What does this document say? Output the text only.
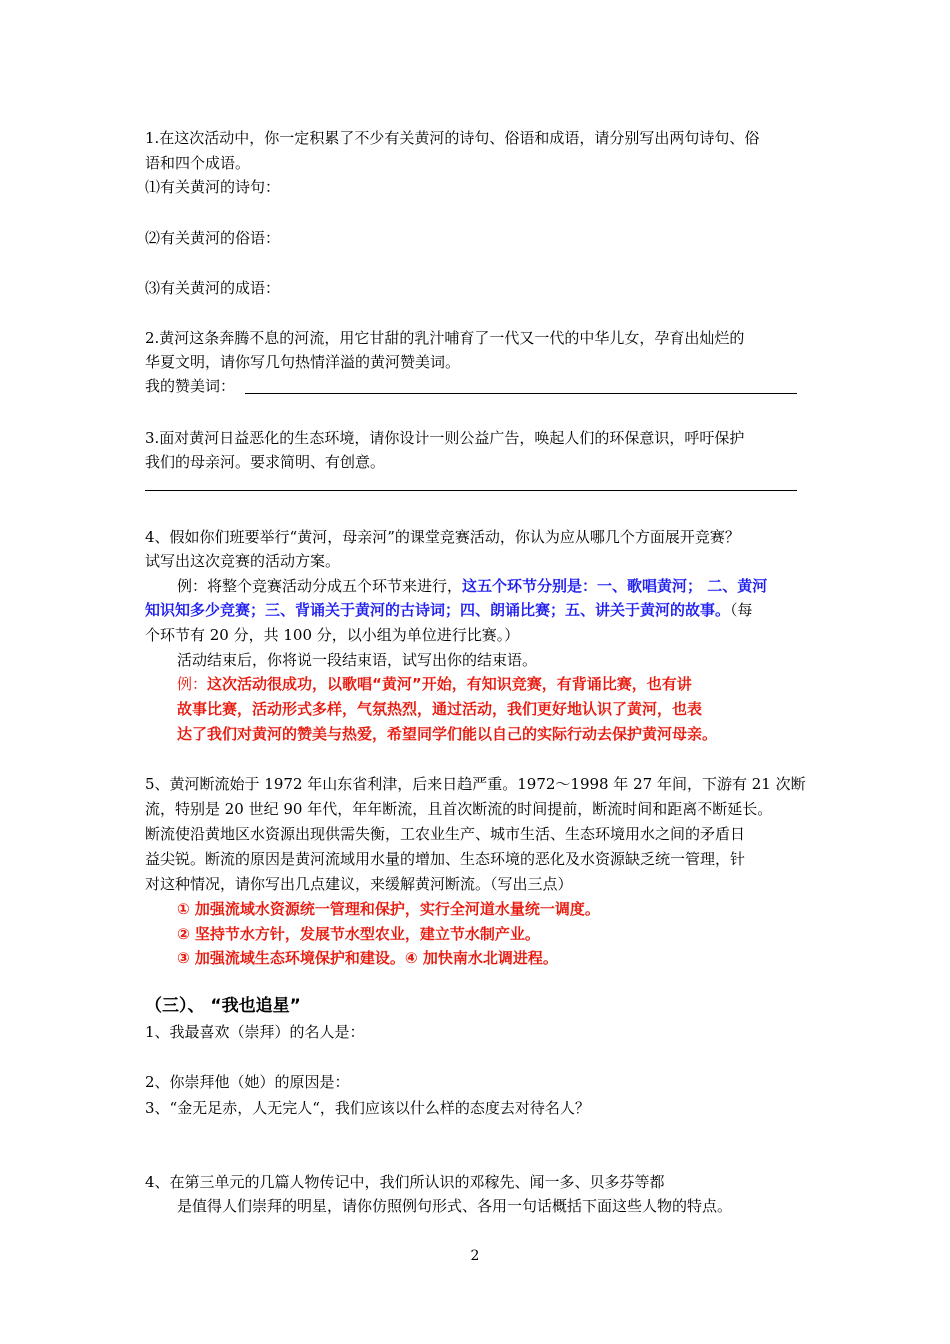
1.在这次活动中，你一定积累了不少有关黄河的诗句、俗语和成语，请分别写出两句诗句、俗
语和四个成语。
⑴有关黄河的诗句：
⑵有关黄河的俗语：
⑶有关黄河的成语：
2.黄河这条奔腾不息的河流，用它甘甜的乳汁哺育了一代又一代的中华儿女，孕育出灿烂的
华夏文明，请你写几句热情洋溢的黄河赞美词。
我的赞美词：
3.面对黄河日益恶化的生态环境，请你设计一则公益广告，唤起人们的环保意识，呼吁保护
我们的母亲河。要求简明、有创意。
4、假如你们班要举行“黄河，母亲河”的课堂竞赛活动，你认为应从哪几个方面展开竞赛？
试写出这次竞赛的活动方案。
例：将整个竞赛活动分成五个环节来进行，这五个环节分别是：一、歌唱黄河； 二、黄河
知识知多少竞赛；三、背诵关于黄河的古诗词；四、朗诵比赛；五、讲关于黄河的故事。（每
个环节有 20 分，共 100 分，以小组为单位进行比赛。）
活动结束后，你将说一段结束语，试写出你的结束语。
例：这次活动很成功，以歌唱“黄河”开始，有知识竞赛，有背诵比赛，也有讲
故事比赛，活动形式多样，气氛热烈，通过活动，我们更好地认识了黄河，也表
达了我们对黄河的赞美与热爱，希望同学们能以自己的实际行动去保护黄河母亲。
5、黄河断流始于 1972 年山东省利津，后来日趋严重。1972～1998 年 27 年间，下游有 21 次断
流，特别是 20 世纪 90 年代，年年断流，且首次断流的时间提前，断流时间和距离不断延长。
断流使沿黄地区水资源出现供需失衡，工农业生产、城市生活、生态环境用水之间的矛盾日
益尖锐。断流的原因是黄河流域用水量的增加、生态环境的恶化及水资源缺乏统一管理，针
对这种情况，请你写出几点建议，来缓解黄河断流。（写出三点）
① 加强流域水资源统一管理和保护，实行全河道水量统一调度。
② 坚持节水方针，发展节水型农业，建立节水制产业。
③ 加强流域生态环境保护和建设。④ 加快南水北调进程。
（三）、 “我也追星”
1、我最喜欢（崇拜）的名人是：
2、你崇拜他（她）的原因是：
3、“金无足赤，人无完人“，我们应该以什么样的态度去对待名人？
4、在第三单元的几篇人物传记中，我们所认识的邓稼先、闻一多、贝多芬等都
是值得人们崇拜的明星，请你仿照例句形式、各用一句话概括下面这些人物的特点。
2
